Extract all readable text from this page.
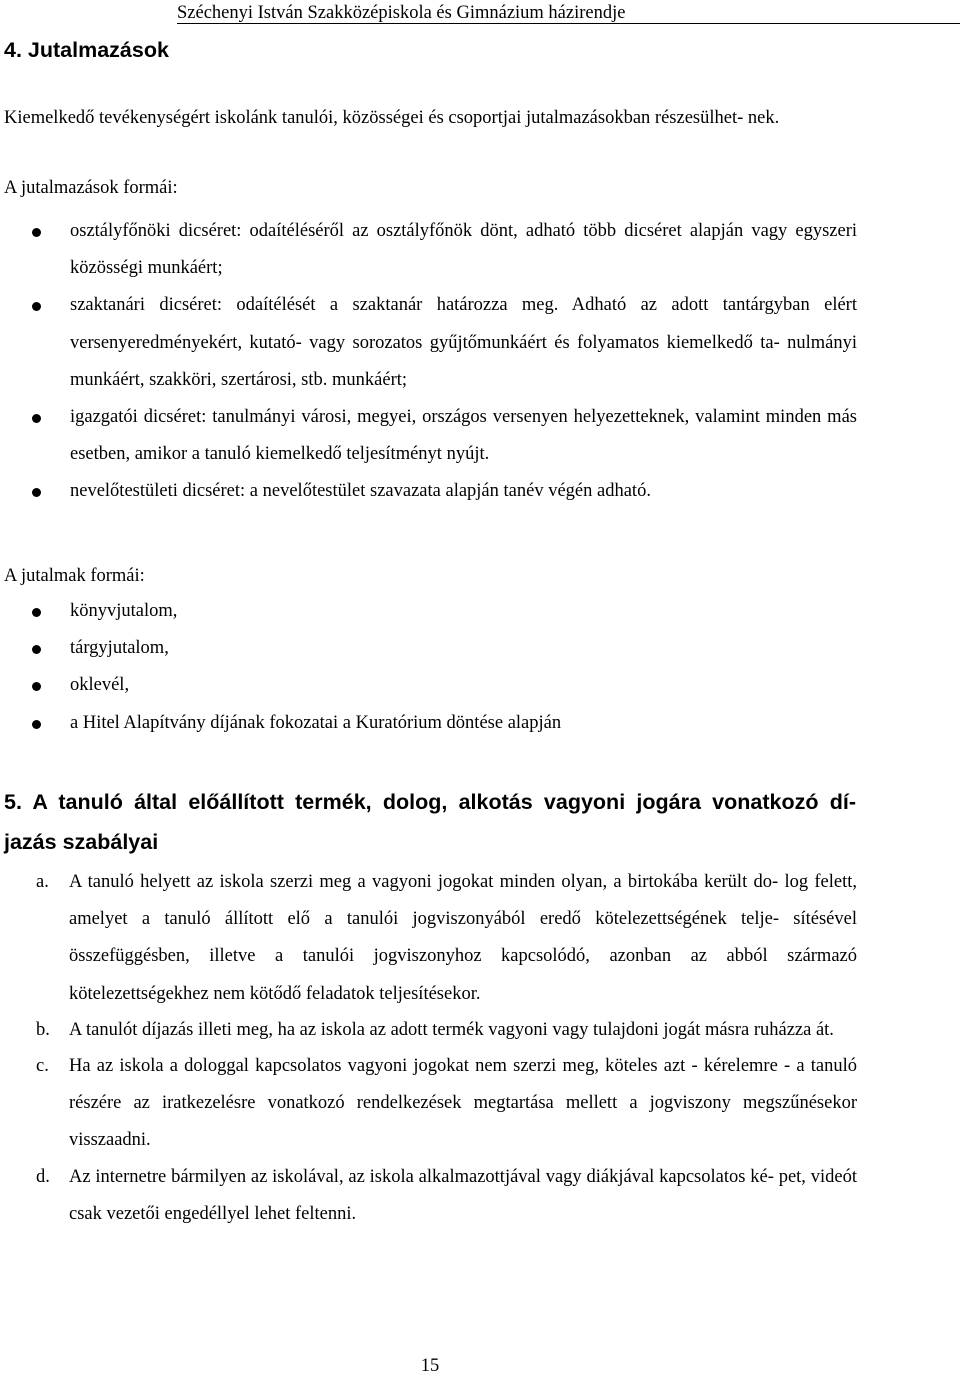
Széchenyi István Szakközépiskola és Gimnázium házirendje
4. Jutalmazások

Kiemelkedő tevékenységért iskolánk tanulói, közösségei és csoportjai jutalmazásokban részesülhet- nek.

A jutalmazások formái:

osztályfőnöki dicséret: odaítéléséről az osztályfőnök dönt, adható több dicséret alapján vagy egyszeri közösségi munkáért;
szaktanári dicséret: odaítélését a szaktanár határozza meg. Adható az adott tantárgyban elért versenyeredményekért, kutató- vagy sorozatos gyűjtőmunkáért és folyamatos kiemelkedő ta- nulmányi munkáért, szakköri, szertárosi, stb. munkáért;
igazgatói dicséret: tanulmányi városi, megyei, országos versenyen helyezetteknek, valamint minden más esetben, amikor a tanuló kiemelkedő teljesítményt nyújt.
nevelőtestületi dicséret: a nevelőtestület szavazata alapján tanév végén adható.

A jutalmak formái:

könyvjutalom,
tárgyjutalom,
oklevél,
a Hitel Alapítvány díjának fokozatai a Kuratórium döntése alapján
5. A tanuló által előállított termék, dolog, alkotás vagyoni jogára vonatkozó dí- jazás szabályai
a. A tanuló helyett az iskola szerzi meg a vagyoni jogokat minden olyan, a birtokába került do- log felett, amelyet a tanuló állított elő a tanulói jogviszonyából eredő kötelezettségének telje- sítésével összefüggésben, illetve a tanulói jogviszonyhoz kapcsolódó, azonban az abból származó kötelezettségekhez nem kötődő feladatok teljesítésekor.
b. A tanulót díjazás illeti meg, ha az iskola az adott termék vagyoni vagy tulajdoni jogát másra ruházza át.
c. Ha az iskola a dologgal kapcsolatos vagyoni jogokat nem szerzi meg, köteles azt - kérelemre - a tanuló részére az iratkezelésre vonatkozó rendelkezések megtartása mellett a jogviszony megszűnésekor visszaadni.
d. Az internetre bármilyen az iskolával, az iskola alkalmazottjával vagy diákjával kapcsolatos ké- pet, videót csak vezetői engedéllyel lehet feltenni.
15
